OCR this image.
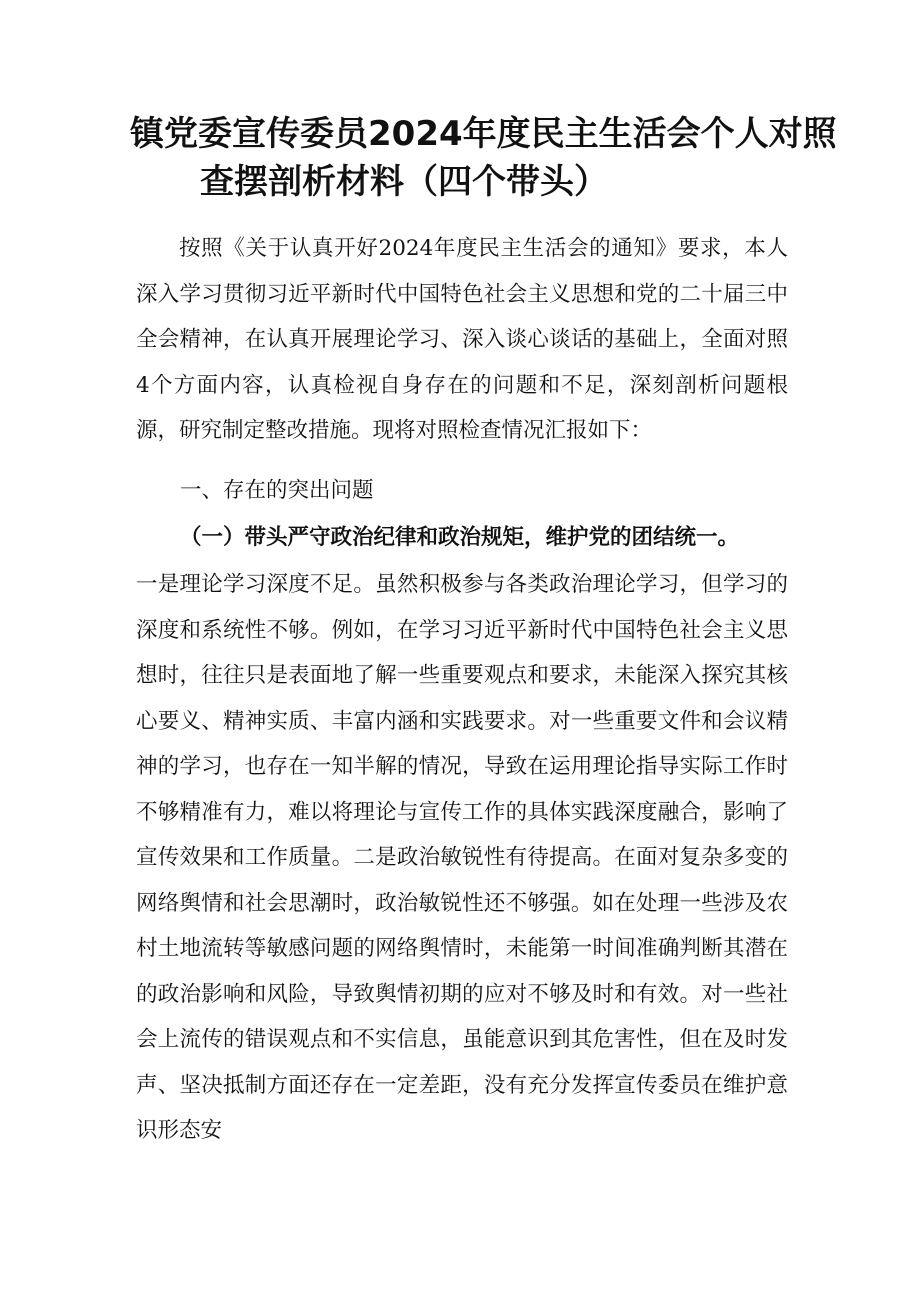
镇党委宣传委员2024年度民主生活会个人对照
查摆剖析材料（四个带头）

按照《关于认真开好2024年度民主生活会的通知》要求，本人深入学习贯彻习近平新时代中国特色社会主义思想和党的二十届三中全会精神，在认真开展理论学习、深入谈心谈话的基础上，全面对照4个方面内容，认真检视自身存在的问题和不足，深刻剖析问题根源，研究制定整改措施。现将对照检查情况汇报如下：

一、存在的突出问题

（一）带头严守政治纪律和政治规矩，维护党的团结统一。

一是理论学习深度不足。虽然积极参与各类政治理论学习，但学习的深度和系统性不够。例如，在学习习近平新时代中国特色社会主义思想时，往往只是表面地了解一些重要观点和要求，未能深入探究其核心要义、精神实质、丰富内涵和实践要求。对一些重要文件和会议精神的学习，也存在一知半解的情况，导致在运用理论指导实际工作时不够精准有力，难以将理论与宣传工作的具体实践深度融合，影响了宣传效果和工作质量。二是政治敏锐性有待提高。在面对复杂多变的网络舆情和社会思潮时，政治敏锐性还不够强。如在处理一些涉及农村土地流转等敏感问题的网络舆情时，未能第一时间准确判断其潜在的政治影响和风险，导致舆情初期的应对不够及时和有效。对一些社会上流传的错误观点和不实信息，虽能意识到其危害性，但在及时发声、坚决抵制方面还存在一定差距，没有充分发挥宣传委员在维护意识形态安
